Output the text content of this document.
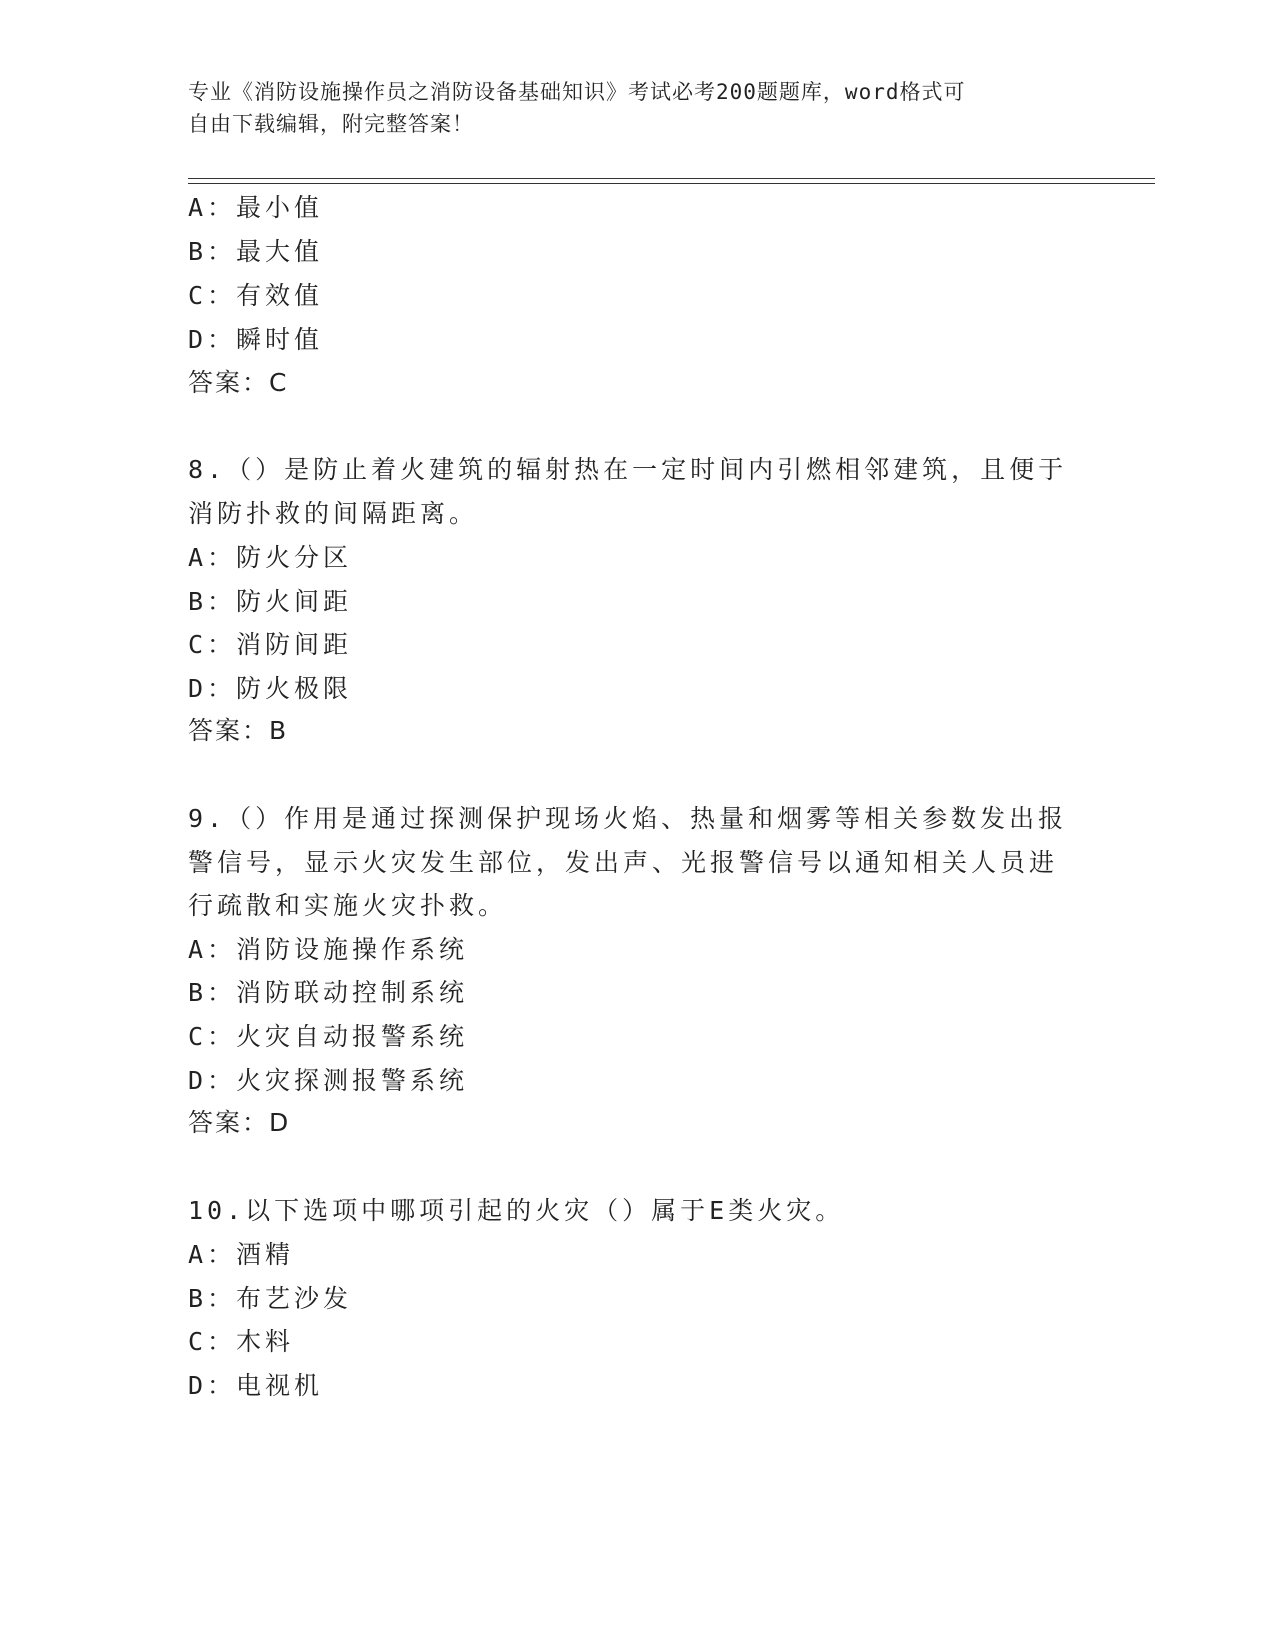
专业《消防设施操作员之消防设备基础知识》考试必考200题题库，word格式可
自由下载编辑，附完整答案！
A：最小值
B：最大值
C：有效值
D：瞬时值
答案：C
8.（）是防止着火建筑的辐射热在一定时间内引燃相邻建筑，且便于
消防扑救的间隔距离。
A：防火分区
B：防火间距
C：消防间距
D：防火极限
答案：B
9.（）作用是通过探测保护现场火焰、热量和烟雾等相关参数发出报
警信号，显示火灾发生部位，发出声、光报警信号以通知相关人员进
行疏散和实施火灾扑救。
A：消防设施操作系统
B：消防联动控制系统
C：火灾自动报警系统
D：火灾探测报警系统
答案：D
10.以下选项中哪项引起的火灾（）属于E类火灾。
A：酒精
B：布艺沙发
C：木料
D：电视机
